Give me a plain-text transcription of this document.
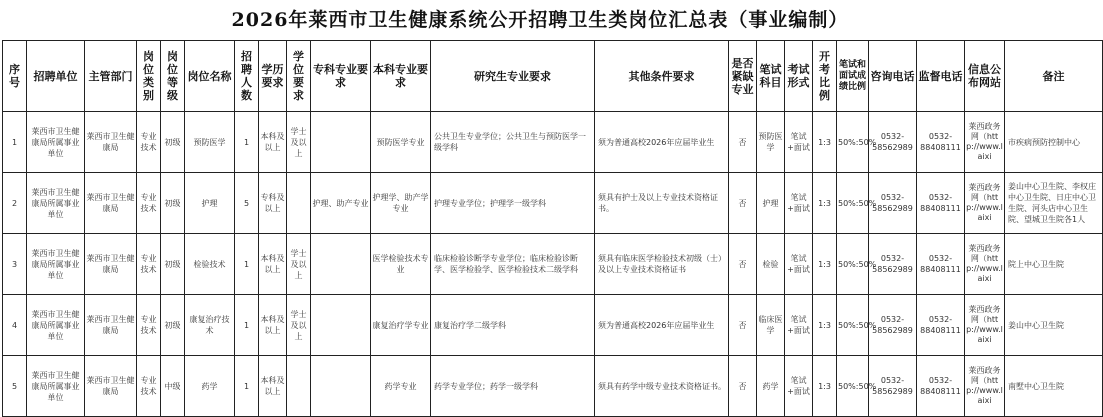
2026年莱西市卫生健康系统公开招聘卫生类岗位汇总表（事业编制）
序号	招聘单位	主管部门	岗位类别	岗位等级	岗位名称	招聘人数	学历要求	学位要求	专科专业要求	本科专业要求	研究生专业要求	其他条件要求	是否紧缺专业	笔试科目	考试形式	开考比例	笔试和面试成绩比例	咨询电话	监督电话	信息公布网站	备注
1	莱西市卫生健康局所属事业单位	莱西市卫生健康局	专业技术	初级	预防医学	1	本科及以上	学士及以上		预防医学专业	公共卫生专业学位；公共卫生与预防医学一级学科	须为普通高校2026年应届毕业生	否	预防医学	笔试+面试	1:3	50%:50%	0532-58562989	0532-88408111	莱西政务网（http://www.laixi	市疾病预防控制中心
2	莱西市卫生健康局所属事业单位	莱西市卫生健康局	专业技术	初级	护理	5	专科及以上		护理、助产专业	护理学、助产学专业	护理专业学位；护理学一级学科	须具有护士及以上专业技术资格证书。	否	护理	笔试+面试	1:3	50%:50%	0532-58562989	0532-88408111	莱西政务网（http://www.laixi	姜山中心卫生院、李权庄中心卫生院、日庄中心卫生院、河头店中心卫生院、望城卫生院各1人
3	莱西市卫生健康局所属事业单位	莱西市卫生健康局	专业技术	初级	检验技术	1	本科及以上	学士及以上		医学检验技术专业	临床检验诊断学专业学位；临床检验诊断学、医学检验学、医学检验技术二级学科	须具有临床医学检验技术初级（士）及以上专业技术资格证书	否	检验	笔试+面试	1:3	50%:50%	0532-58562989	0532-88408111	莱西政务网（http://www.laixi	院上中心卫生院
4	莱西市卫生健康局所属事业单位	莱西市卫生健康局	专业技术	初级	康复治疗技术	1	本科及以上	学士及以上		康复治疗学专业	康复治疗学二级学科	须为普通高校2026年应届毕业生	否	临床医学	笔试+面试	1:3	50%:50%	0532-58562989	0532-88408111	莱西政务网（http://www.laixi	姜山中心卫生院
5	莱西市卫生健康局所属事业单位	莱西市卫生健康局	专业技术	中级	药学	1	本科及以上			药学专业	药学专业学位；药学一级学科	须具有药学中级专业技术资格证书。	否	药学	笔试+面试	1:3	50%:50%	0532-58562989	0532-88408111	莱西政务网（http://www.laixi	南墅中心卫生院
